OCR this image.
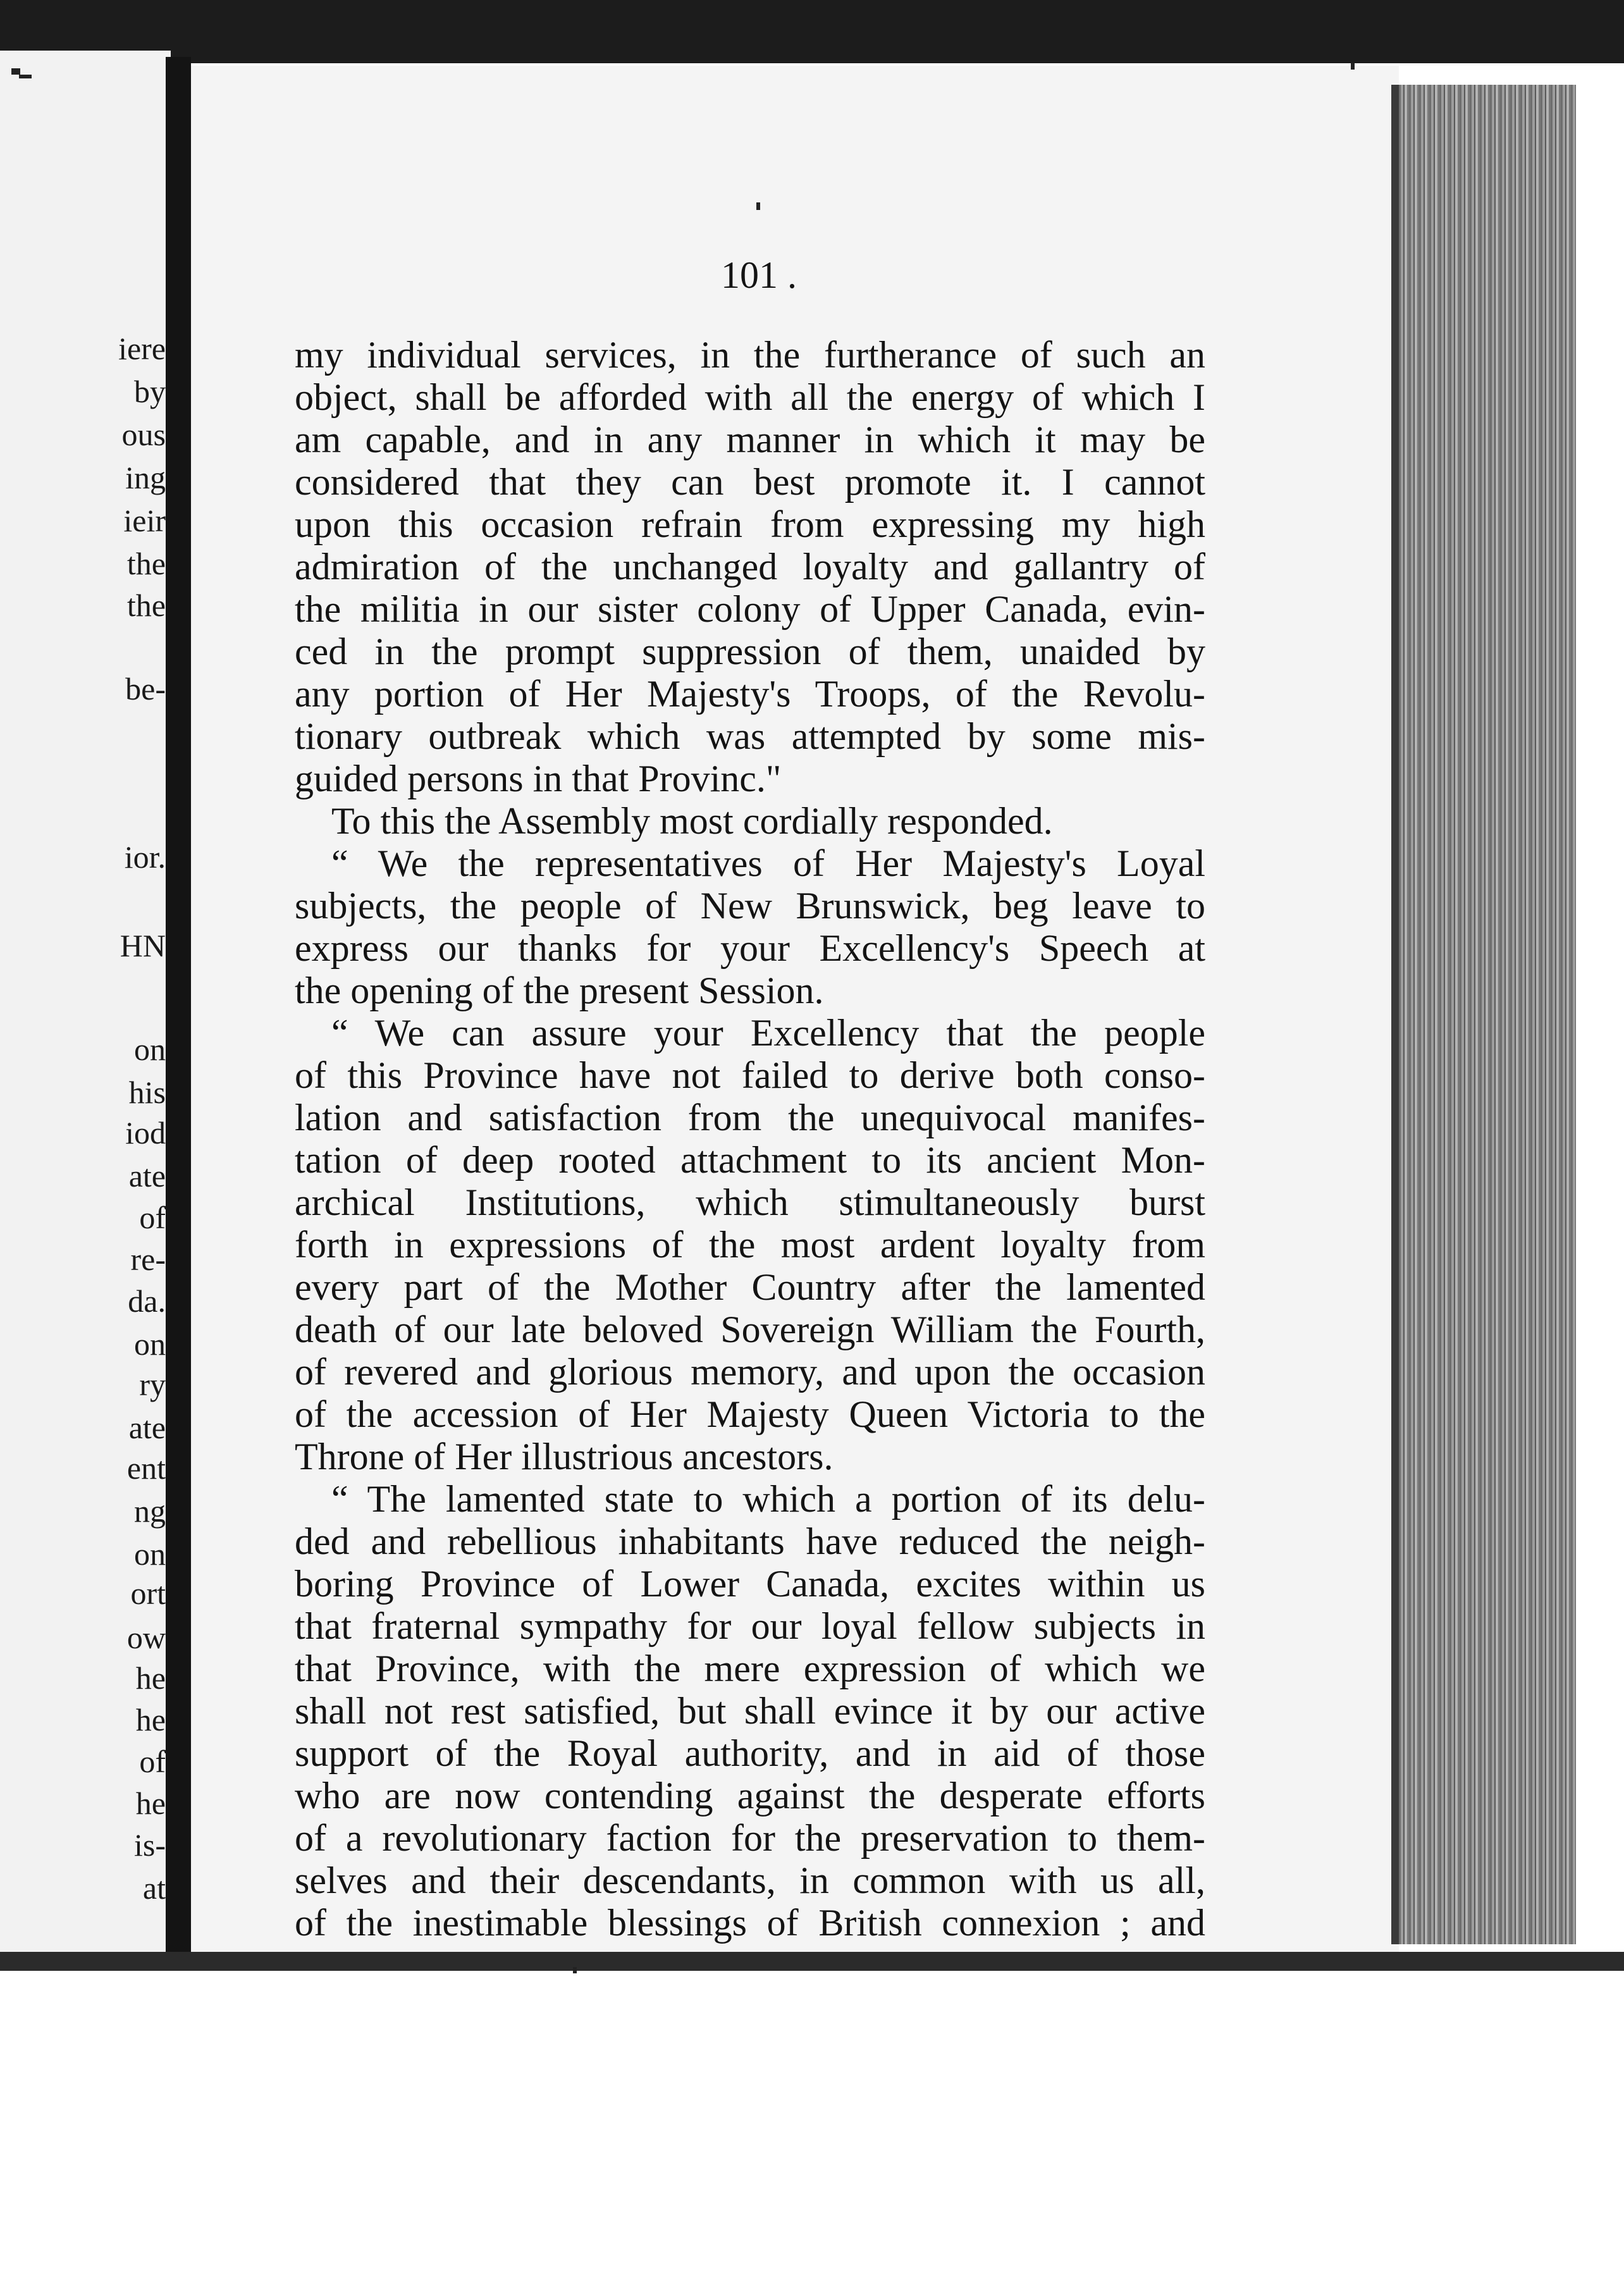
iere
by
ous
ing
ieir
the
the
be-
ior.
HN
on
his
iod
ate
of
re-
da.
on
ry
ate
ent
ng
on
ort
ow
he
he
of
he
is-
at
101 .
my individual services, in the furtherance of such an
object, shall be afforded with all the energy of which I
am capable, and in any manner in which it may be
considered that they can best promote it. I cannot
upon this occasion refrain from expressing my high
admiration of the unchanged loyalty and gallantry of
the militia in our sister colony of Upper Canada, evin-
ced in the prompt suppression of them, unaided by
any portion of Her Majesty's Troops, of the Revolu-
tionary outbreak which was attempted by some mis-
guided persons in that Provinc."
To this the Assembly most cordially responded.
“ We the representatives of Her Majesty's Loyal
subjects, the people of New Brunswick, beg leave to
express our thanks for your Excellency's Speech at
the opening of the present Session.
“ We can assure your Excellency that the people
of this Province have not failed to derive both conso-
lation and satisfaction from the unequivocal manifes-
tation of deep rooted attachment to its ancient Mon-
archical Institutions, which stimultaneously burst
forth in expressions of the most ardent loyalty from
every part of the Mother Country after the lamented
death of our late beloved Sovereign William the Fourth,
of revered and glorious memory, and upon the occasion
of the accession of Her Majesty Queen Victoria to the
Throne of Her illustrious ancestors.
“ The lamented state to which a portion of its delu-
ded and rebellious inhabitants have reduced the neigh-
boring Province of Lower Canada, excites within us
that fraternal sympathy for our loyal fellow subjects in
that Province, with the mere expression of which we
shall not rest satisfied, but shall evince it by our active
support of the Royal authority, and in aid of those
who are now contending against the desperate efforts
of a revolutionary faction for the preservation to them-
selves and their descendants, in common with us all,
of the inestimable blessings of British connexion ; and
